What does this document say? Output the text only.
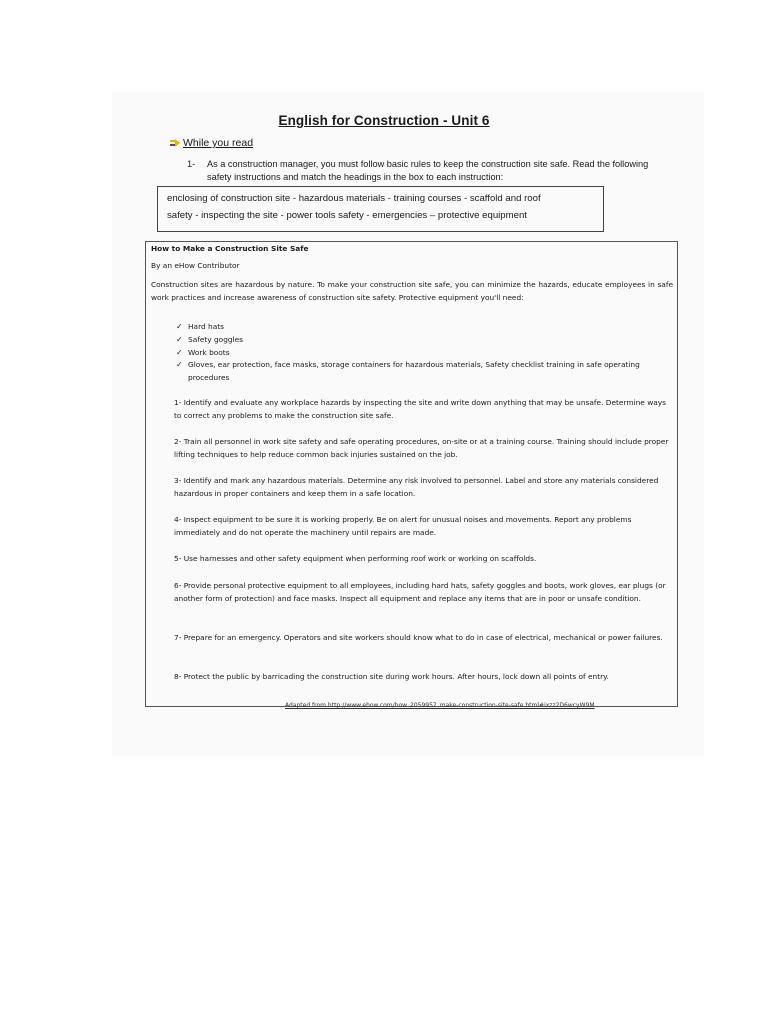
English for Construction - Unit 6
While you read
1- As a construction manager, you must follow basic rules to keep the construction site safe. Read the following safety instructions and match the headings in the box to each instruction:
enclosing of construction site - hazardous materials - training courses - scaffold and roof
safety - inspecting the site - power tools safety - emergencies – protective equipment
How to Make a Construction Site Safe
By an eHow Contributor
Construction sites are hazardous by nature. To make your construction site safe, you can minimize the hazards, educate employees in safe work practices and increase awareness of construction site safety. Protective equipment you'll need:
✓ Hard hats
✓ Safety goggles
✓ Work boots
✓ Gloves, ear protection, face masks, storage containers for hazardous materials, Safety checklist training in safe operating procedures
1- Identify and evaluate any workplace hazards by inspecting the site and write down anything that may be unsafe. Determine ways to correct any problems to make the construction site safe.
2- Train all personnel in work site safety and safe operating procedures, on-site or at a training course. Training should include proper lifting techniques to help reduce common back injuries sustained on the job.
3- Identify and mark any hazardous materials. Determine any risk involved to personnel. Label and store any materials considered hazardous in proper containers and keep them in a safe location.
4- Inspect equipment to be sure it is working properly. Be on alert for unusual noises and movements. Report any problems immediately and do not operate the machinery until repairs are made.
5- Use harnesses and other safety equipment when performing roof work or working on scaffolds.
6- Provide personal protective equipment to all employees, including hard hats, safety goggles and boots, work gloves, ear plugs (or another form of protection) and face masks. Inspect all equipment and replace any items that are in poor or unsafe condition.
7- Prepare for an emergency. Operators and site workers should know what to do in case of electrical, mechanical or power failures.
8- Protect the public by barricading the construction site during work hours. After hours, lock down all points of entry.
Adapted from http://www.ehow.com/how_2059957_make-construction-site-safe.html#ixzz2D6wcyW9M
